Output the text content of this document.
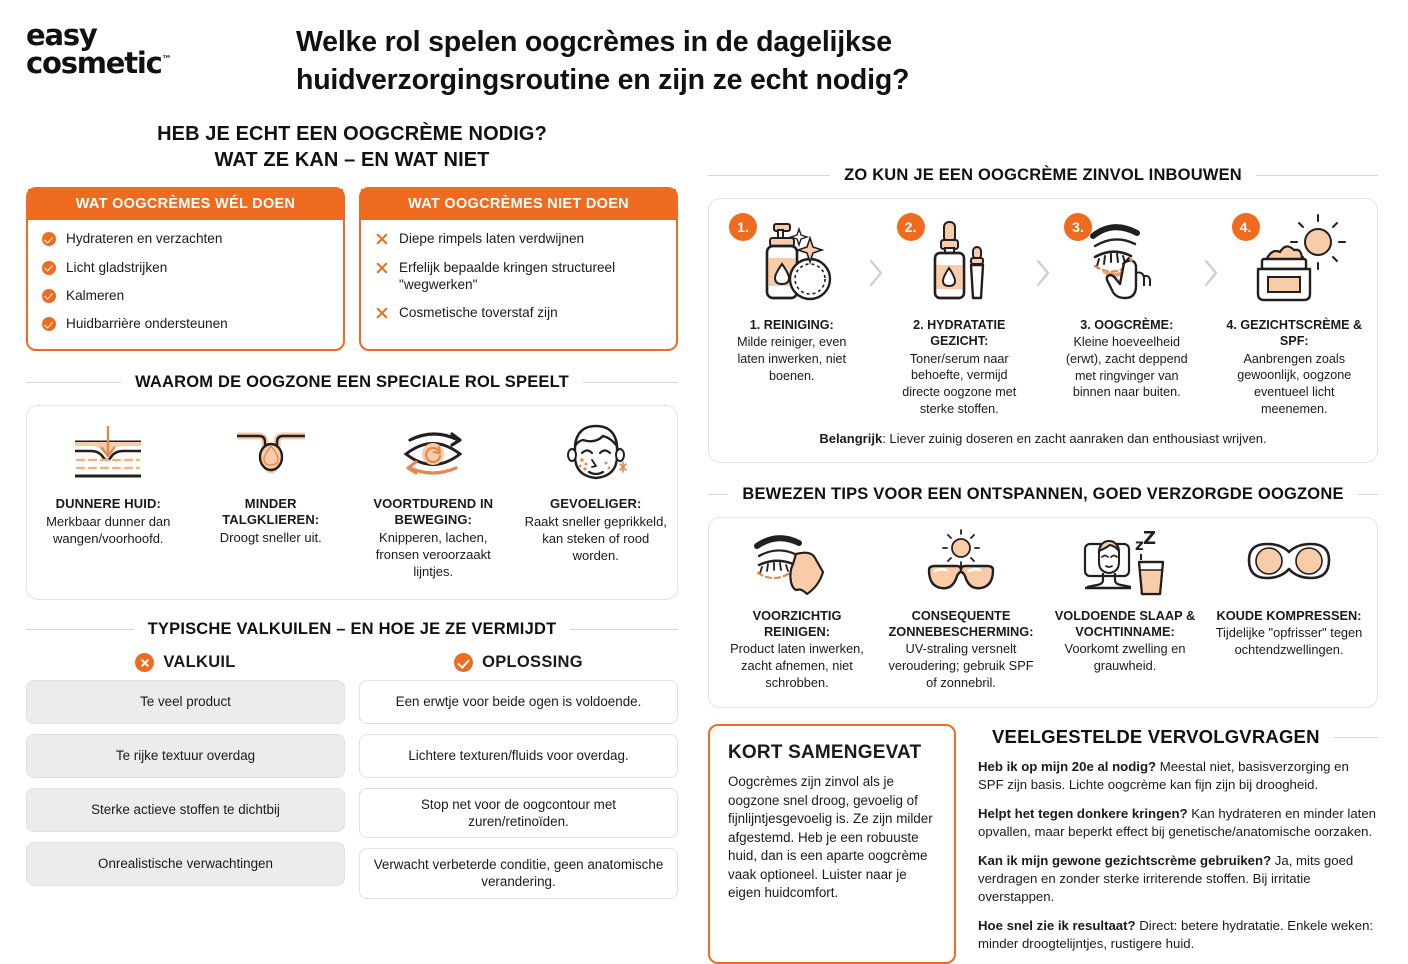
easy
cosmetic™
Welke rol spelen oogcrèmes in de dagelijkse huidverzorgingsroutine en zijn ze echt nodig?
HEB JE ECHT EEN OOGCRÈME NODIG?
WAT ZE KAN – EN WAT NIET
WAT OOGCRÈMES WÉL DOEN
Hydrateren en verzachten
Licht gladstrijken
Kalmeren
Huidbarrière ondersteunen
WAT OOGCRÈMES NIET DOEN
Diepe rimpels laten verdwijnen
Erfelijk bepaalde kringen structureel "wegwerken"
Cosmetische toverstaf zijn
WAAROM DE OOGZONE EEN SPECIALE ROL SPEELT
DUNNERE HUID:
Merkbaar dunner dan wangen/voorhoofd.
MINDER TALGKLIEREN:
Droogt sneller uit.
VOORTDUREND IN BEWEGING:
Knipperen, lachen, fronsen veroorzaakt lijntjes.
GEVOELIGER:
Raakt sneller geprikkeld, kan steken of rood worden.
TYPISCHE VALKUILEN – EN HOE JE ZE VERMIJDT
VALKUIL	OPLOSSING
Te veel product
Te rijke textuur overdag
Sterke actieve stoffen te dichtbij
Onrealistische verwachtingen
Een erwtje voor beide ogen is voldoende.
Lichtere texturen/fluids voor overdag.
Stop net voor de oogcontour met zuren/retinoïden.
Verwacht verbeterde conditie, geen anatomische verandering.
ZO KUN JE EEN OOGCRÈME ZINVOL INBOUWEN
1.
1. REINIGING:
Milde reiniger, even laten inwerken, niet boenen.
2.
2. HYDRATATIE GEZICHT:
Toner/serum naar behoefte, vermijd directe oogzone met sterke stoffen.
3.
3. OOGCRÈME:
Kleine hoeveelheid (erwt), zacht deppend met ringvinger van binnen naar buiten.
4.
4. GEZICHTSCRÈME & SPF:
Aanbrengen zoals gewoonlijk, oogzone eventueel licht meenemen.
Belangrijk: Liever zuinig doseren en zacht aanraken dan enthousiast wrijven.
BEWEZEN TIPS VOOR EEN ONTSPANNEN, GOED VERZORGDE OOGZONE
VOORZICHTIG REINIGEN:
Product laten inwerken, zacht afnemen, niet schrobben.
CONSEQUENTE ZONNEBESCHERMING:
UV-straling versnelt veroudering; gebruik SPF of zonnebril.
z Z
VOLDOENDE SLAAP & VOCHTINNAME:
Voorkomt zwelling en grauwheid.
KOUDE KOMPRESSEN:
Tijdelijke "opfrisser" tegen ochtendzwellingen.
KORT SAMENGEVAT

Oogcrèmes zijn zinvol als je oogzone snel droog, gevoelig of fijnlijntjesgevoelig is. Ze zijn milder afgestemd. Heb je een robuuste huid, dan is een aparte oogcrème vaak optioneel. Luister naar je eigen huidcomfort.

VEELGESTELDE VERVOLGVRAGEN
Heb ik op mijn 20e al nodig? Meestal niet, basisverzorging en SPF zijn basis. Lichte oogcrème kan fijn zijn bij droogheid.
Helpt het tegen donkere kringen? Kan hydrateren en minder laten opvallen, maar beperkt effect bij genetische/anatomische oorzaken.
Kan ik mijn gewone gezichtscrème gebruiken? Ja, mits goed verdragen en zonder sterke irriterende stoffen. Bij irritatie overstappen.
Hoe snel zie ik resultaat? Direct: betere hydratatie. Enkele weken: minder droogtelijntjes, rustigere huid.
